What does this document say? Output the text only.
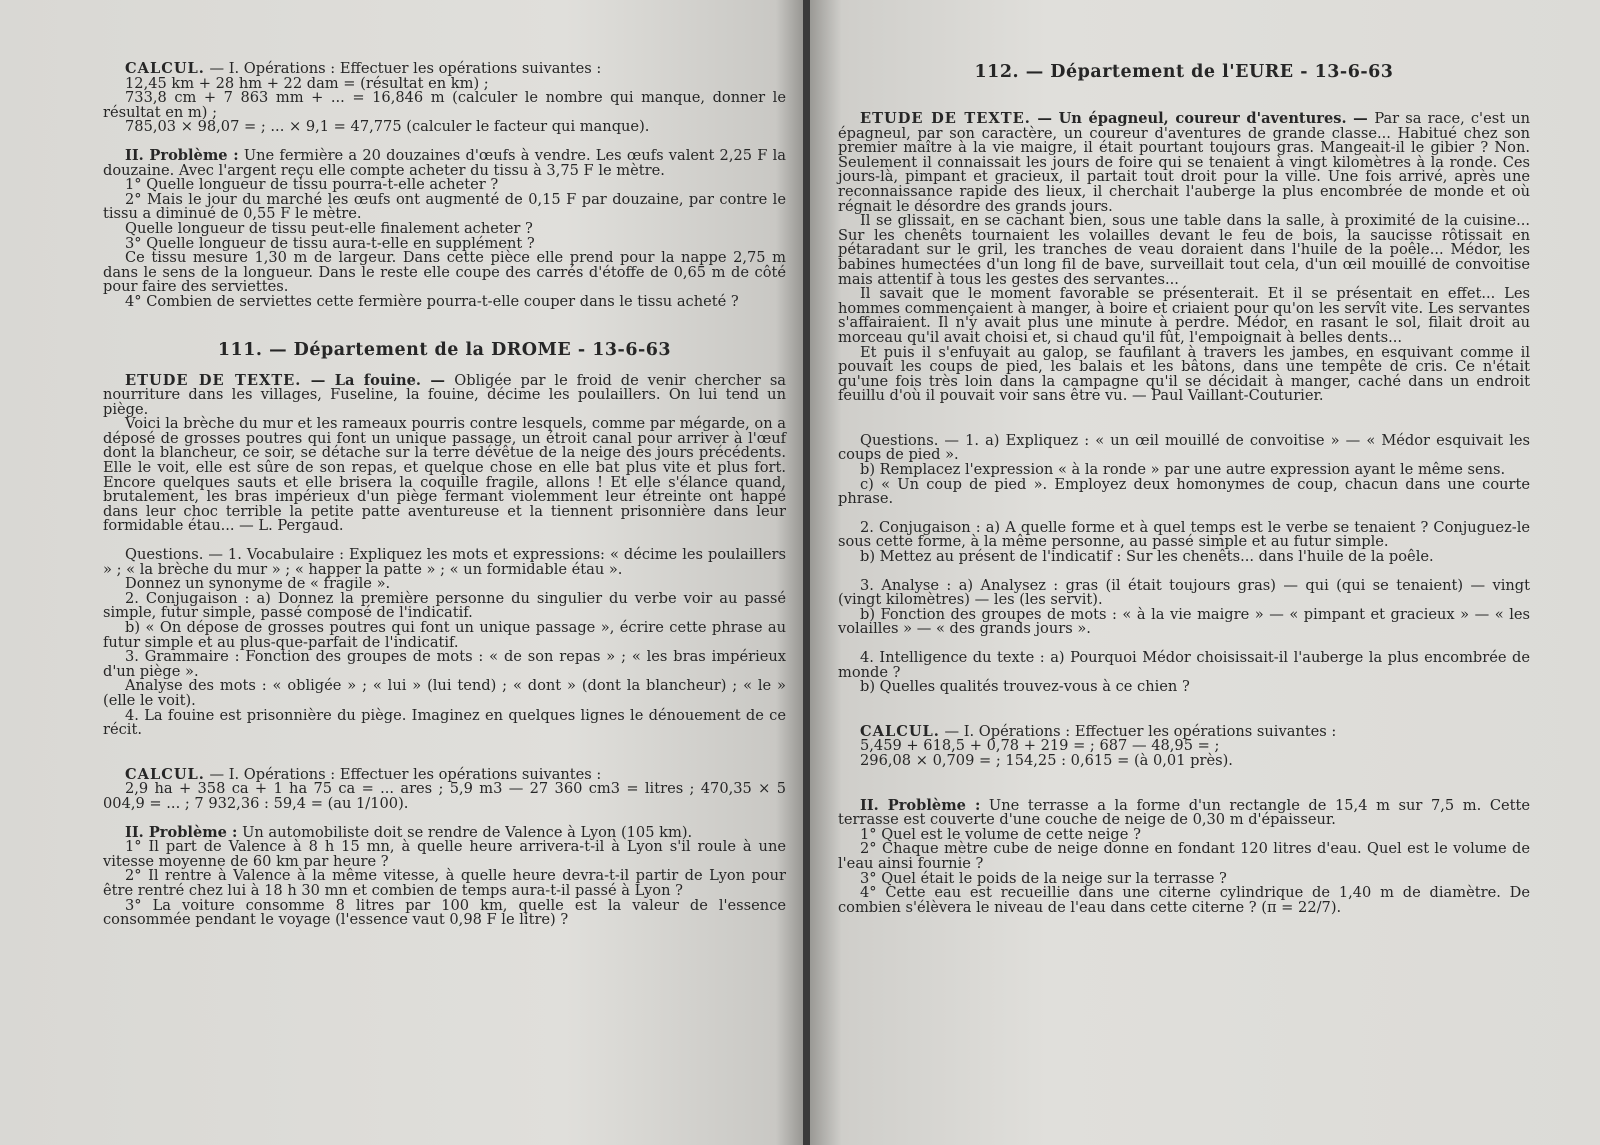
CALCUL. — I. Opérations : Effectuer les opérations suivantes :

12,45 km + 28 hm + 22 dam = (résultat en km) ;

733,8 cm + 7 863 mm + ... = 16,846 m (calculer le nombre qui manque, donner le résultat en m) ;

785,03 × 98,07 = ; ... × 9,1 = 47,775 (calculer le facteur qui manque).

II. Problème : Une fermière a 20 douzaines d'œufs à vendre. Les œufs valent 2,25 F la douzaine. Avec l'argent reçu elle compte acheter du tissu à 3,75 F le mètre.

1° Quelle longueur de tissu pourra-t-elle acheter ?

2° Mais le jour du marché les œufs ont augmenté de 0,15 F par douzaine, par contre le tissu a diminué de 0,55 F le mètre.

Quelle longueur de tissu peut-elle finalement acheter ?

3° Quelle longueur de tissu aura-t-elle en supplément ?

Ce tissu mesure 1,30 m de largeur. Dans cette pièce elle prend pour la nappe 2,75 m dans le sens de la longueur. Dans le reste elle coupe des carrés d'étoffe de 0,65 m de côté pour faire des serviettes.

4° Combien de serviettes cette fermière pourra-t-elle couper dans le tissu acheté ?

111. — Département de la DROME - 13-6-63

ETUDE DE TEXTE. — La fouine. — Obligée par le froid de venir chercher sa nourriture dans les villages, Fuseline, la fouine, décime les poulaillers. On lui tend un piège.

Voici la brèche du mur et les rameaux pourris contre lesquels, comme par mégarde, on a déposé de grosses poutres qui font un unique passage, un étroit canal pour arriver à l'œuf dont la blancheur, ce soir, se détache sur la terre dévêtue de la neige des jours précédents. Elle le voit, elle est sûre de son repas, et quelque chose en elle bat plus vite et plus fort. Encore quelques sauts et elle brisera la coquille fragile, allons ! Et elle s'élance quand, brutalement, les bras impérieux d'un piège fermant violemment leur étreinte ont happé dans leur choc terrible la petite patte aventureuse et la tiennent prisonnière dans leur formidable étau... — L. Pergaud.

Questions. — 1. Vocabulaire : Expliquez les mots et expressions: « décime les poulaillers » ; « la brèche du mur » ; « happer la patte » ; « un formidable étau ».

Donnez un synonyme de « fragile ».

2. Conjugaison : a) Donnez la première personne du singulier du verbe voir au passé simple, futur simple, passé composé de l'indicatif.

b) « On dépose de grosses poutres qui font un unique passage », écrire cette phrase au futur simple et au plus-que-parfait de l'indicatif.

3. Grammaire : Fonction des groupes de mots : « de son repas » ; « les bras impérieux d'un piège ».

Analyse des mots : « obligée » ; « lui » (lui tend) ; « dont » (dont la blancheur) ; « le » (elle le voit).

4. La fouine est prisonnière du piège. Imaginez en quelques lignes le dénouement de ce récit.

CALCUL. — I. Opérations : Effectuer les opérations suivantes :

2,9 ha + 358 ca + 1 ha 75 ca = ... ares ; 5,9 m3 — 27 360 cm3 = litres ; 470,35 × 5 004,9 = ... ; 7 932,36 : 59,4 = (au 1/100).

II. Problème : Un automobiliste doit se rendre de Valence à Lyon (105 km).

1° Il part de Valence à 8 h 15 mn, à quelle heure arrivera-t-il à Lyon s'il roule à une vitesse moyenne de 60 km par heure ?

2° Il rentre à Valence à la même vitesse, à quelle heure devra-t-il partir de Lyon pour être rentré chez lui à 18 h 30 mn et combien de temps aura-t-il passé à Lyon ?

3° La voiture consomme 8 litres par 100 km, quelle est la valeur de l'essence consommée pendant le voyage (l'essence vaut 0,98 F le litre) ?

112. — Département de l'EURE - 13-6-63

ETUDE DE TEXTE. — Un épagneul, coureur d'aventures. — Par sa race, c'est un épagneul, par son caractère, un coureur d'aventures de grande classe... Habitué chez son premier maître à la vie maigre, il était pourtant toujours gras. Mangeait-il le gibier ? Non. Seulement il connaissait les jours de foire qui se tenaient à vingt kilomètres à la ronde. Ces jours-là, pimpant et gracieux, il partait tout droit pour la ville. Une fois arrivé, après une reconnaissance rapide des lieux, il cherchait l'auberge la plus encombrée de monde et où régnait le désordre des grands jours.

Il se glissait, en se cachant bien, sous une table dans la salle, à proximité de la cuisine... Sur les chenêts tournaient les volailles devant le feu de bois, la saucisse rôtissait en pétaradant sur le gril, les tranches de veau doraient dans l'huile de la poêle... Médor, les babines humectées d'un long fil de bave, surveillait tout cela, d'un œil mouillé de convoitise mais attentif à tous les gestes des servantes...

Il savait que le moment favorable se présenterait. Et il se présentait en effet... Les hommes commençaient à manger, à boire et criaient pour qu'on les servît vite. Les servantes s'affairaient. Il n'y avait plus une minute à perdre. Médor, en rasant le sol, filait droit au morceau qu'il avait choisi et, si chaud qu'il fût, l'empoignait à belles dents...

Et puis il s'enfuyait au galop, se faufilant à travers les jambes, en esquivant comme il pouvait les coups de pied, les balais et les bâtons, dans une tempête de cris. Ce n'était qu'une fois très loin dans la campagne qu'il se décidait à manger, caché dans un endroit feuillu d'où il pouvait voir sans être vu. — Paul Vaillant-Couturier.

Questions. — 1. a) Expliquez : « un œil mouillé de convoitise » — « Médor esquivait les coups de pied ».

b) Remplacez l'expression « à la ronde » par une autre expression ayant le même sens.

c) « Un coup de pied ». Employez deux homonymes de coup, chacun dans une courte phrase.

2. Conjugaison : a) A quelle forme et à quel temps est le verbe se tenaient ? Conjuguez-le sous cette forme, à la même personne, au passé simple et au futur simple.

b) Mettez au présent de l'indicatif : Sur les chenêts... dans l'huile de la poêle.

3. Analyse : a) Analysez : gras (il était toujours gras) — qui (qui se tenaient) — vingt (vingt kilomètres) — les (les servit).

b) Fonction des groupes de mots : « à la vie maigre » — « pimpant et gracieux » — « les volailles » — « des grands jours ».

4. Intelligence du texte : a) Pourquoi Médor choisissait-il l'auberge la plus encombrée de monde ?

b) Quelles qualités trouvez-vous à ce chien ?

CALCUL. — I. Opérations : Effectuer les opérations suivantes :

5,459 + 618,5 + 0,78 + 219 = ; 687 — 48,95 = ;

296,08 × 0,709 = ; 154,25 : 0,615 = (à 0,01 près).

II. Problème : Une terrasse a la forme d'un rectangle de 15,4 m sur 7,5 m. Cette terrasse est couverte d'une couche de neige de 0,30 m d'épaisseur.

1° Quel est le volume de cette neige ?

2° Chaque mètre cube de neige donne en fondant 120 litres d'eau. Quel est le volume de l'eau ainsi fournie ?

3° Quel était le poids de la neige sur la terrasse ?

4° Cette eau est recueillie dans une citerne cylindrique de 1,40 m de diamètre. De combien s'élèvera le niveau de l'eau dans cette citerne ? (π = 22/7).
